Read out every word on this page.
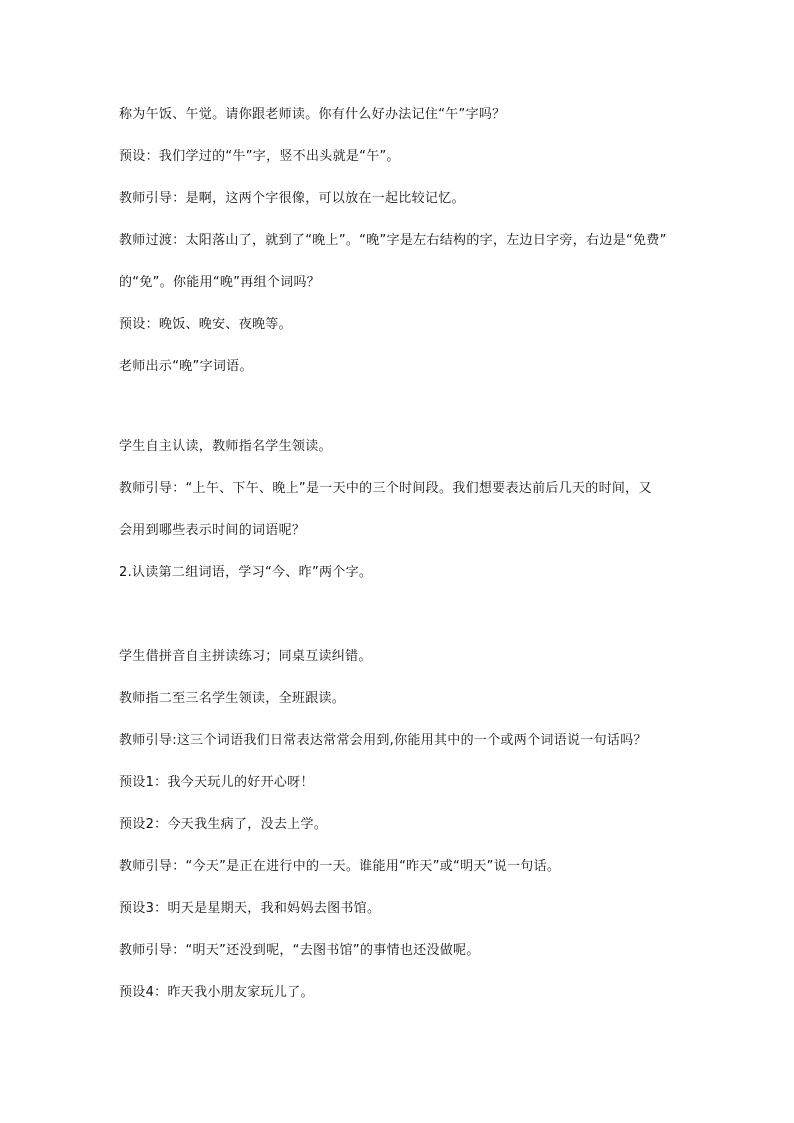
称为午饭、午觉。请你跟老师读。你有什么好办法记住“午”字吗？
预设：我们学过的“牛”字，竖不出头就是“午”。
教师引导：是啊，这两个字很像，可以放在一起比较记忆。
教师过渡：太阳落山了，就到了“晚上”。“晚”字是左右结构的字，左边日字旁，右边是“免费”
的“免”。你能用“晚”再组个词吗？
预设：晚饭、晚安、夜晚等。
老师出示“晚”字词语。
学生自主认读，教师指名学生领读。
教师引导：“上午、下午、晚上”是一天中的三个时间段。我们想要表达前后几天的时间，又
会用到哪些表示时间的词语呢？
2.认读第二组词语，学习“今、昨”两个字。
学生借拼音自主拼读练习；同桌互读纠错。
教师指二至三名学生领读，全班跟读。
教师引导:这三个词语我们日常表达常常会用到,你能用其中的一个或两个词语说一句话吗？
预设1：我今天玩儿的好开心呀！
预设2：今天我生病了，没去上学。
教师引导：“今天”是正在进行中的一天。谁能用“昨天”或“明天”说一句话。
预设3：明天是星期天，我和妈妈去图书馆。
教师引导：“明天”还没到呢，“去图书馆”的事情也还没做呢。
预设4：昨天我小朋友家玩儿了。
